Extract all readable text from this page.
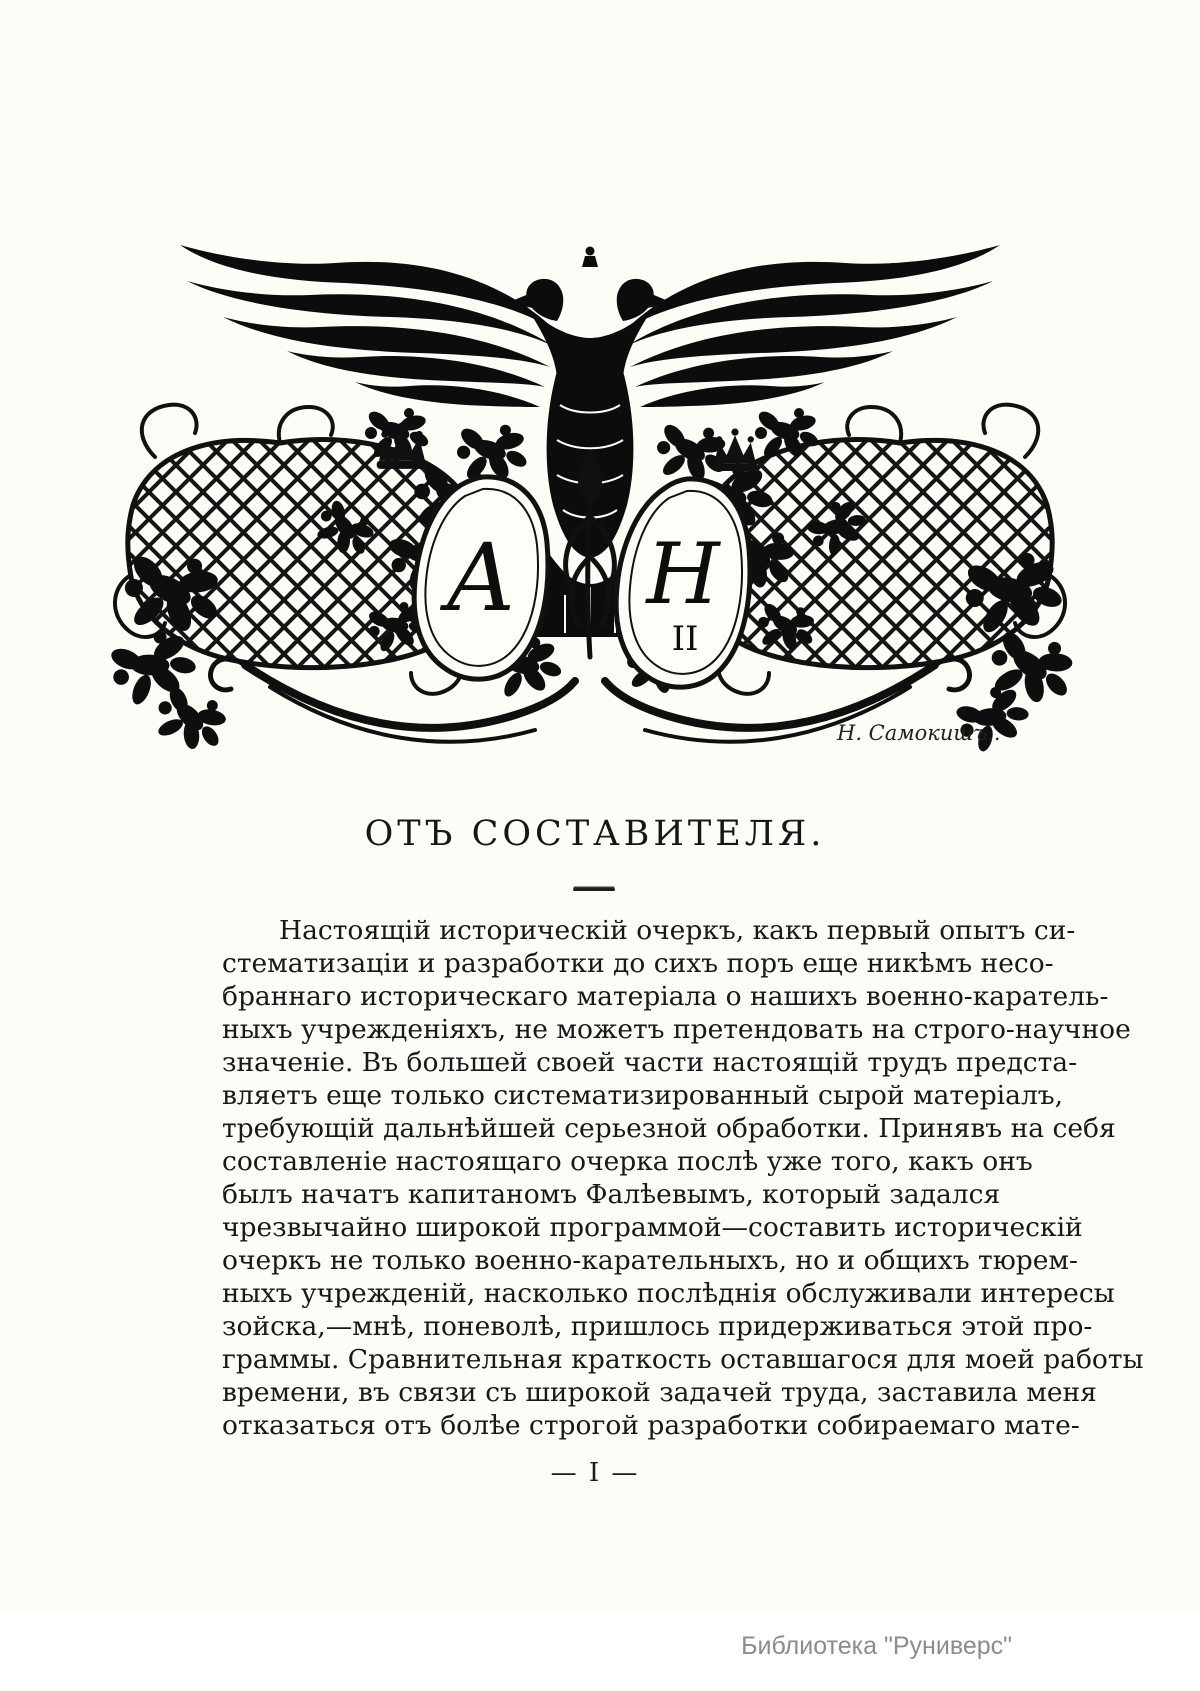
А Н
II
Н. Самокишъ..
ОТЪ СОСТАВИТЕЛЯ.
Настоящій историческій очеркъ, какъ первый опытъ си-
стематизаціи и разработки до сихъ поръ еще никѣмъ несо-
браннаго историческаго матеріала о нашихъ военно-каратель-
ныхъ учрежденіяхъ, не можетъ претендовать на строго-научное
значеніе. Въ большей своей части настоящій трудъ предста-
вляетъ еще только систематизированный сырой матеріалъ,
требующій дальнѣйшей серьезной обработки. Принявъ на себя
составленіе настоящаго очерка послѣ уже того, какъ онъ
былъ начатъ капитаномъ Фалѣевымъ, который задался
чрезвычайно широкой программой—составить историческій
очеркъ не только военно-карательныхъ, но и общихъ тюрем-
ныхъ учрежденій, насколько послѣднія обслуживали интересы
зойска,—мнѣ, поневолѣ, пришлось придерживаться этой про-
граммы. Сравнительная краткость оставшагося для моей работы
времени, въ связи съ широкой задачей труда, заставила меня
отказаться отъ болѣе строгой разработки собираемаго мате-
— I —
Библиотека "Руниверс"
